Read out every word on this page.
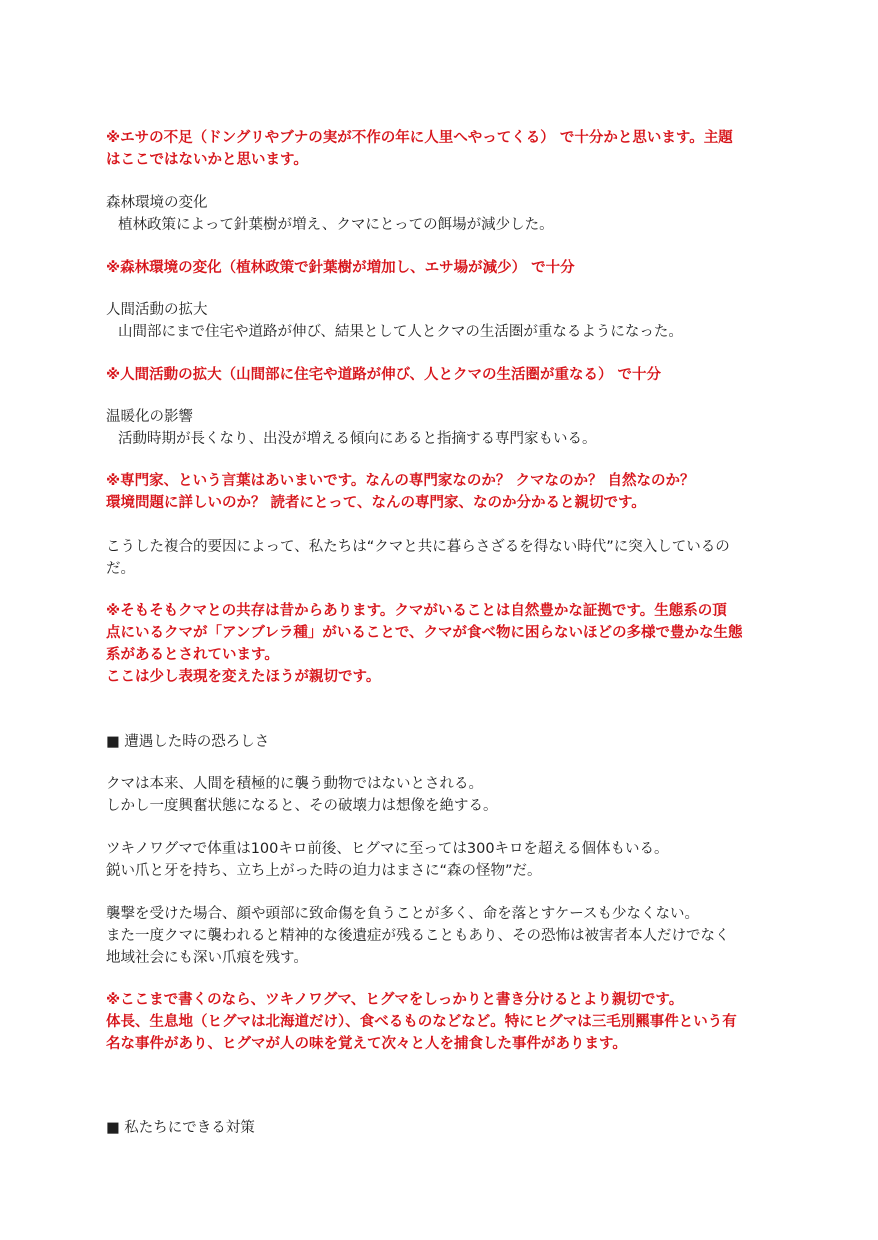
※エサの不足（ドングリやブナの実が不作の年に人里へやってくる） で十分かと思います。主題
はここではないかと思います。
森林環境の変化
植林政策によって針葉樹が増え、クマにとっての餌場が減少した。
※森林環境の変化（植林政策で針葉樹が増加し、エサ場が減少） で十分
人間活動の拡大
山間部にまで住宅や道路が伸び、結果として人とクマの生活圏が重なるようになった。
※人間活動の拡大（山間部に住宅や道路が伸び、人とクマの生活圏が重なる） で十分
温暖化の影響
活動時期が長くなり、出没が増える傾向にあると指摘する専門家もいる。
※専門家、という言葉はあいまいです。なんの専門家なのか？ クマなのか？ 自然なのか？
環境問題に詳しいのか？ 読者にとって、なんの専門家、なのか分かると親切です。
こうした複合的要因によって、私たちは“クマと共に暮らさざるを得ない時代”に突入しているの
だ。
※そもそもクマとの共存は昔からあります。クマがいることは自然豊かな証拠です。生態系の頂
点にいるクマが「アンブレラ種」がいることで、クマが食べ物に困らないほどの多様で豊かな生態
系があるとされています。
ここは少し表現を変えたほうが親切です。
■ 遭遇した時の恐ろしさ
クマは本来、人間を積極的に襲う動物ではないとされる。
しかし一度興奮状態になると、その破壊力は想像を絶する。
ツキノワグマで体重は100キロ前後、ヒグマに至っては300キロを超える個体もいる。
鋭い爪と牙を持ち、立ち上がった時の迫力はまさに“森の怪物”だ。
襲撃を受けた場合、顔や頭部に致命傷を負うことが多く、命を落とすケースも少なくない。
また一度クマに襲われると精神的な後遺症が残ることもあり、その恐怖は被害者本人だけでなく
地域社会にも深い爪痕を残す。
※ここまで書くのなら、ツキノワグマ、ヒグマをしっかりと書き分けるとより親切です。
体長、生息地（ヒグマは北海道だけ）、食べるものなどなど。特にヒグマは三毛別羆事件という有
名な事件があり、ヒグマが人の味を覚えて次々と人を捕食した事件があります。
■ 私たちにできる対策
